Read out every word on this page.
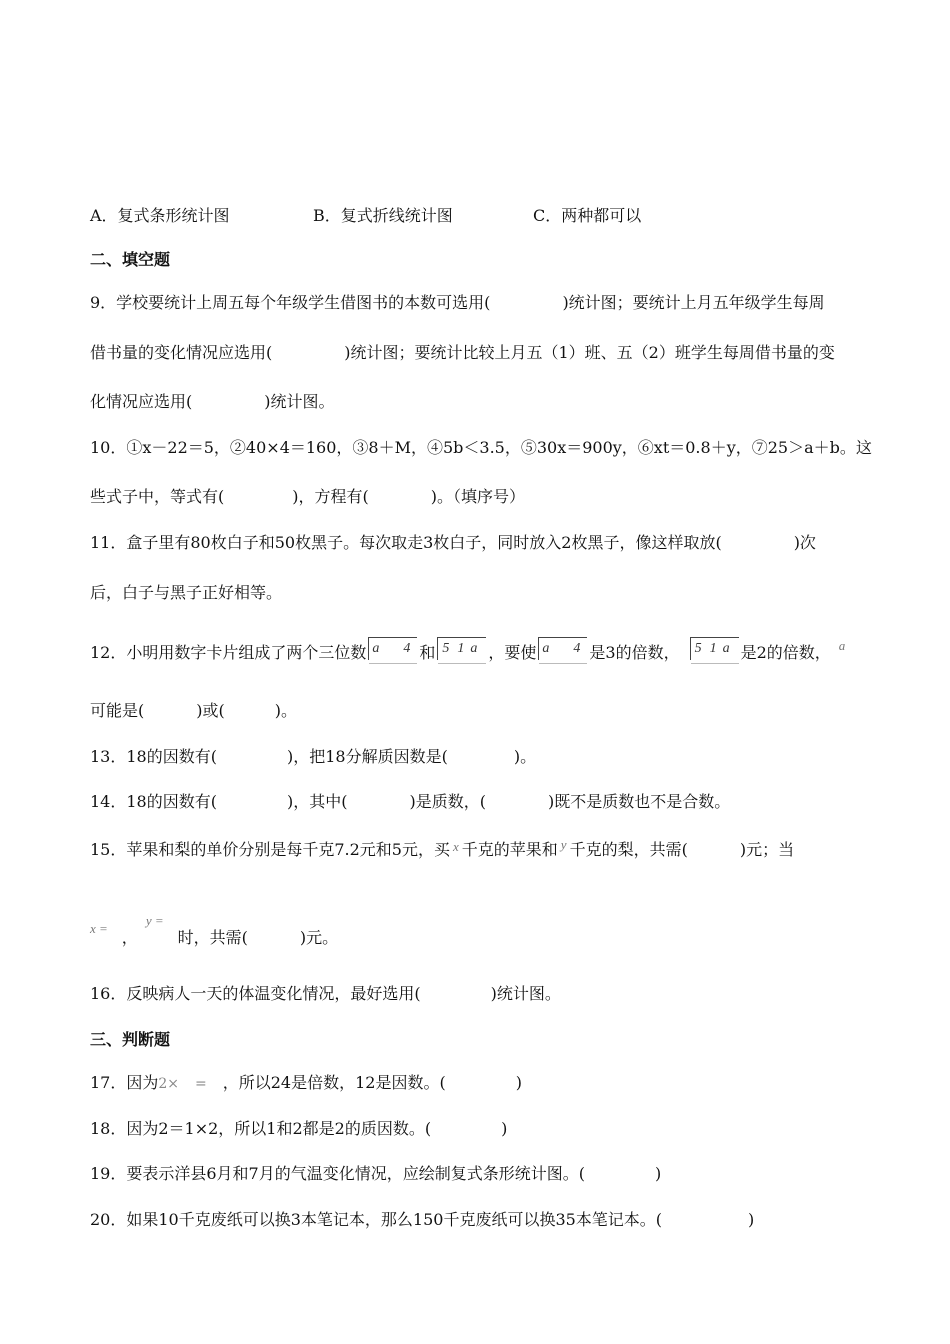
A．复式条形统计图	B．复式折线统计图	C．两种都可以
二、填空题
9．学校要统计上周五每个年级学生借图书的本数可选用(	)统计图；要统计上月五年级学生每周
借书量的变化情况应选用(	)统计图；要统计比较上月五（1）班、五（2）班学生每周借书量的变
化情况应选用(	)统计图。
10．①x－22＝5，②40×4＝160，③8＋M，④5b＜3.5，⑤30x＝900y，⑥xt＝0.8＋y，⑦25＞a＋b。这
些式子中，等式有(	)，方程有(	)。（填序号）
11．盒子里有80枚白子和50枚黑子。每次取走3枚白子，同时放入2枚黑子，像这样取放(	)次
后，白子与黑子正好相等。
12．小明用数字卡片组成了两个三位数 a 4 和 5 1 a ，要使 a 4 是3的倍数， 5 1 a 是2的倍数， $^a$
可能是(	)或(	)。
13．18的因数有(	)，把18分解质因数是(	)。
14．18的因数有(	)，其中(	)是质数，(	)既不是质数也不是合数。
15．苹果和梨的单价分别是每千克7.2元和5元，买 $^x$ 千克的苹果和 $^y$ 千克的梨，共需(	)元；当
$^{x =}$ ，$^{y =}$时，共需(	)元。
16．反映病人一天的体温变化情况，最好选用(	)统计图。
三、判断题
17．因为2× = ，所以24是倍数，12是因数。(	)
18．因为2＝1×2，所以1和2都是2的质因数。(	)
19．要表示洋县6月和7月的气温变化情况，应绘制复式条形统计图。(	)
20．如果10千克废纸可以换3本笔记本，那么150千克废纸可以换35本笔记本。(	)
